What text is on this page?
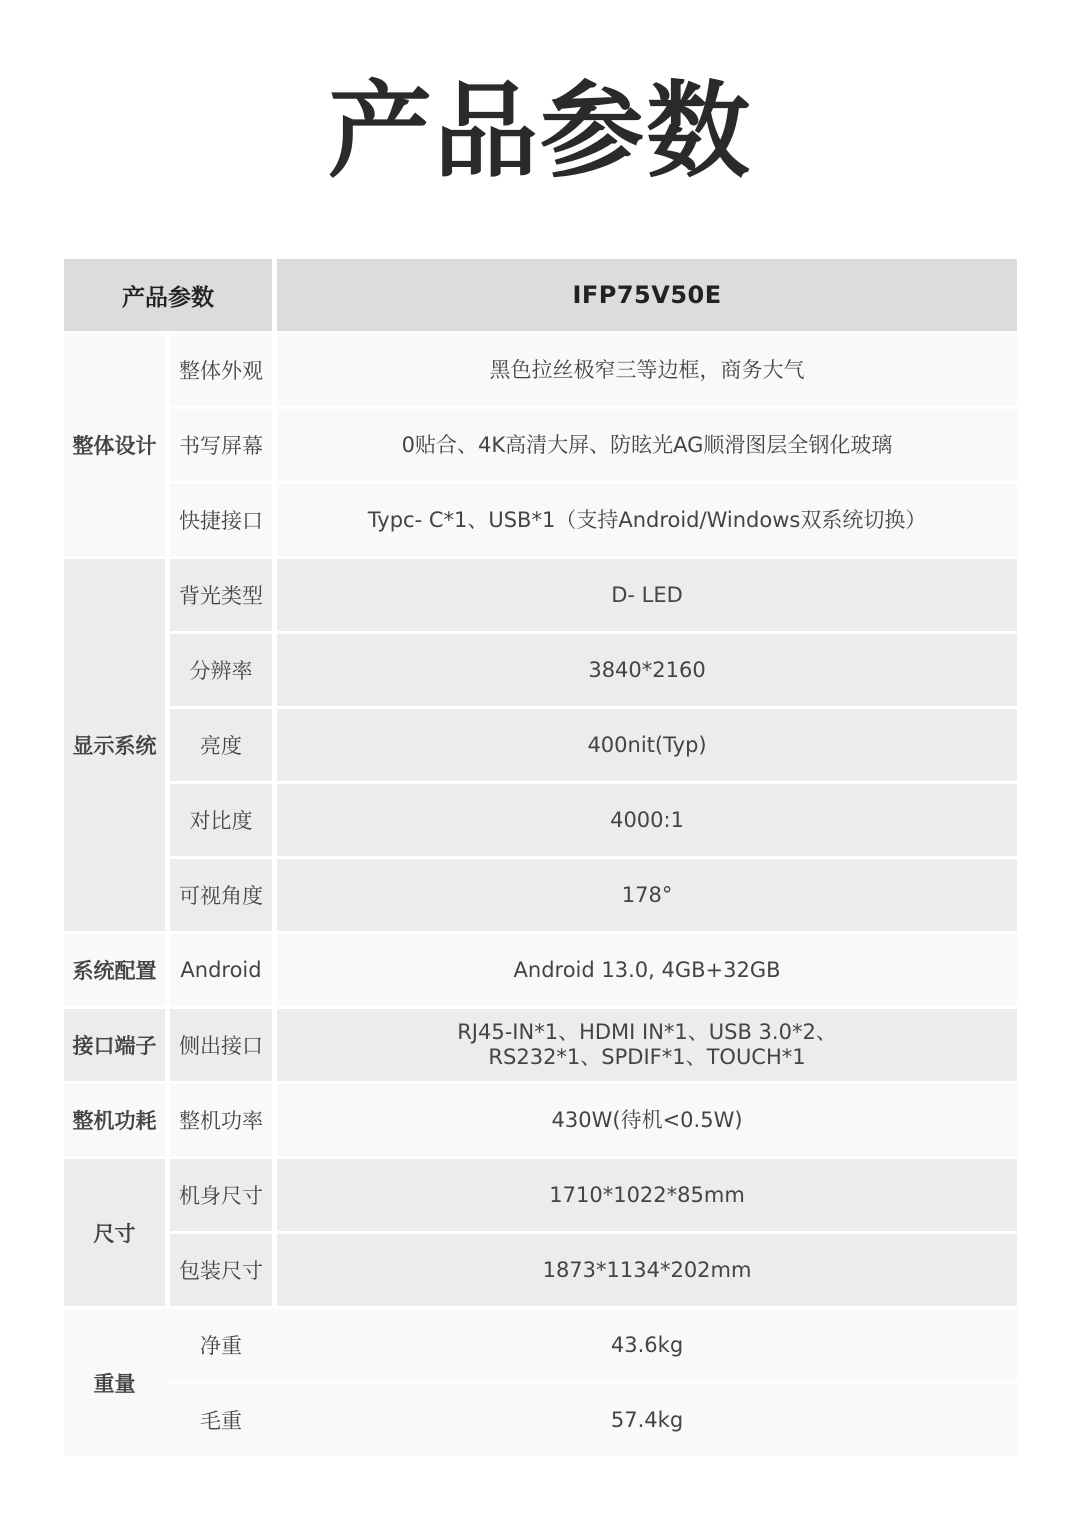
产品参数
产品参数				IFP75V50E

整体设计		整体外观		黑色拉丝极窄三等边框，商务大气

		书写屏幕		0贴合、4K高清大屏、防眩光AG顺滑图层全钢化玻璃

		快捷接口		Typc- C*1、USB*1（支持Android/Windows双系统切换）

显示系统		背光类型		D- LED

		分辨率		3840*2160

		亮度		400nit(Typ)

		对比度		4000:1

		可视角度		178°

系统配置		Android		Android 13.0, 4GB+32GB

接口端子		侧出接口		RJ45-IN*1、HDMI IN*1、USB 3.0*2、
RS232*1、SPDIF*1、TOUCH*1

整机功耗		整机功率		430W(待机<0.5W)

尺寸		机身尺寸		1710*1022*85mm

		包装尺寸		1873*1134*202mm

重量		净重		43.6kg

		毛重		57.4kg
